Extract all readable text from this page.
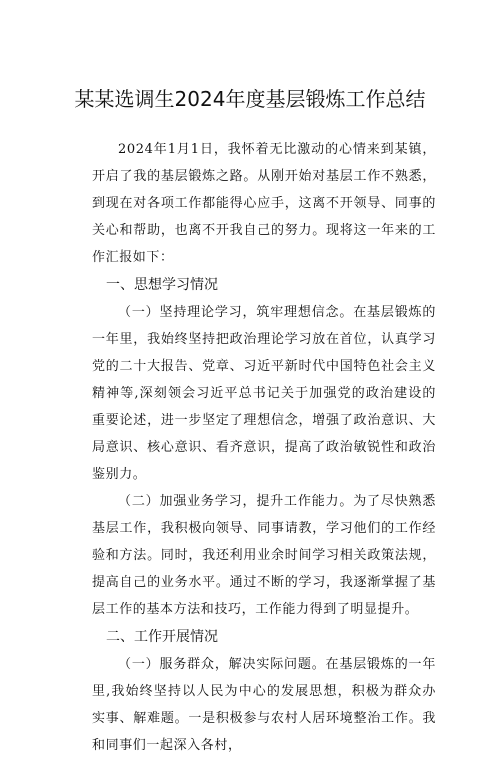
某某选调生2024年度基层锻炼工作总结

2024年1月1日，我怀着无比激动的心情来到某镇，开启了我的基层锻炼之路。从刚开始对基层工作不熟悉，到现在对各项工作都能得心应手，这离不开领导、同事的关心和帮助，也离不开我自己的努力。现将这一年来的工作汇报如下：

一、思想学习情况

（一）坚持理论学习，筑牢理想信念。在基层锻炼的一年里，我始终坚持把政治理论学习放在首位，认真学习党的二十大报告、党章、习近平新时代中国特色社会主义精神等,深刻领会习近平总书记关于加强党的政治建设的重要论述，进一步坚定了理想信念，增强了政治意识、大局意识、核心意识、看齐意识，提高了政治敏锐性和政治鉴别力。

（二）加强业务学习，提升工作能力。为了尽快熟悉基层工作，我积极向领导、同事请教，学习他们的工作经验和方法。同时，我还利用业余时间学习相关政策法规，提高自己的业务水平。通过不断的学习，我逐渐掌握了基层工作的基本方法和技巧，工作能力得到了明显提升。

二、工作开展情况

（一）服务群众，解决实际问题。在基层锻炼的一年里,我始终坚持以人民为中心的发展思想，积极为群众办实事、解难题。一是积极参与农村人居环境整治工作。我和同事们一起深入各村，
